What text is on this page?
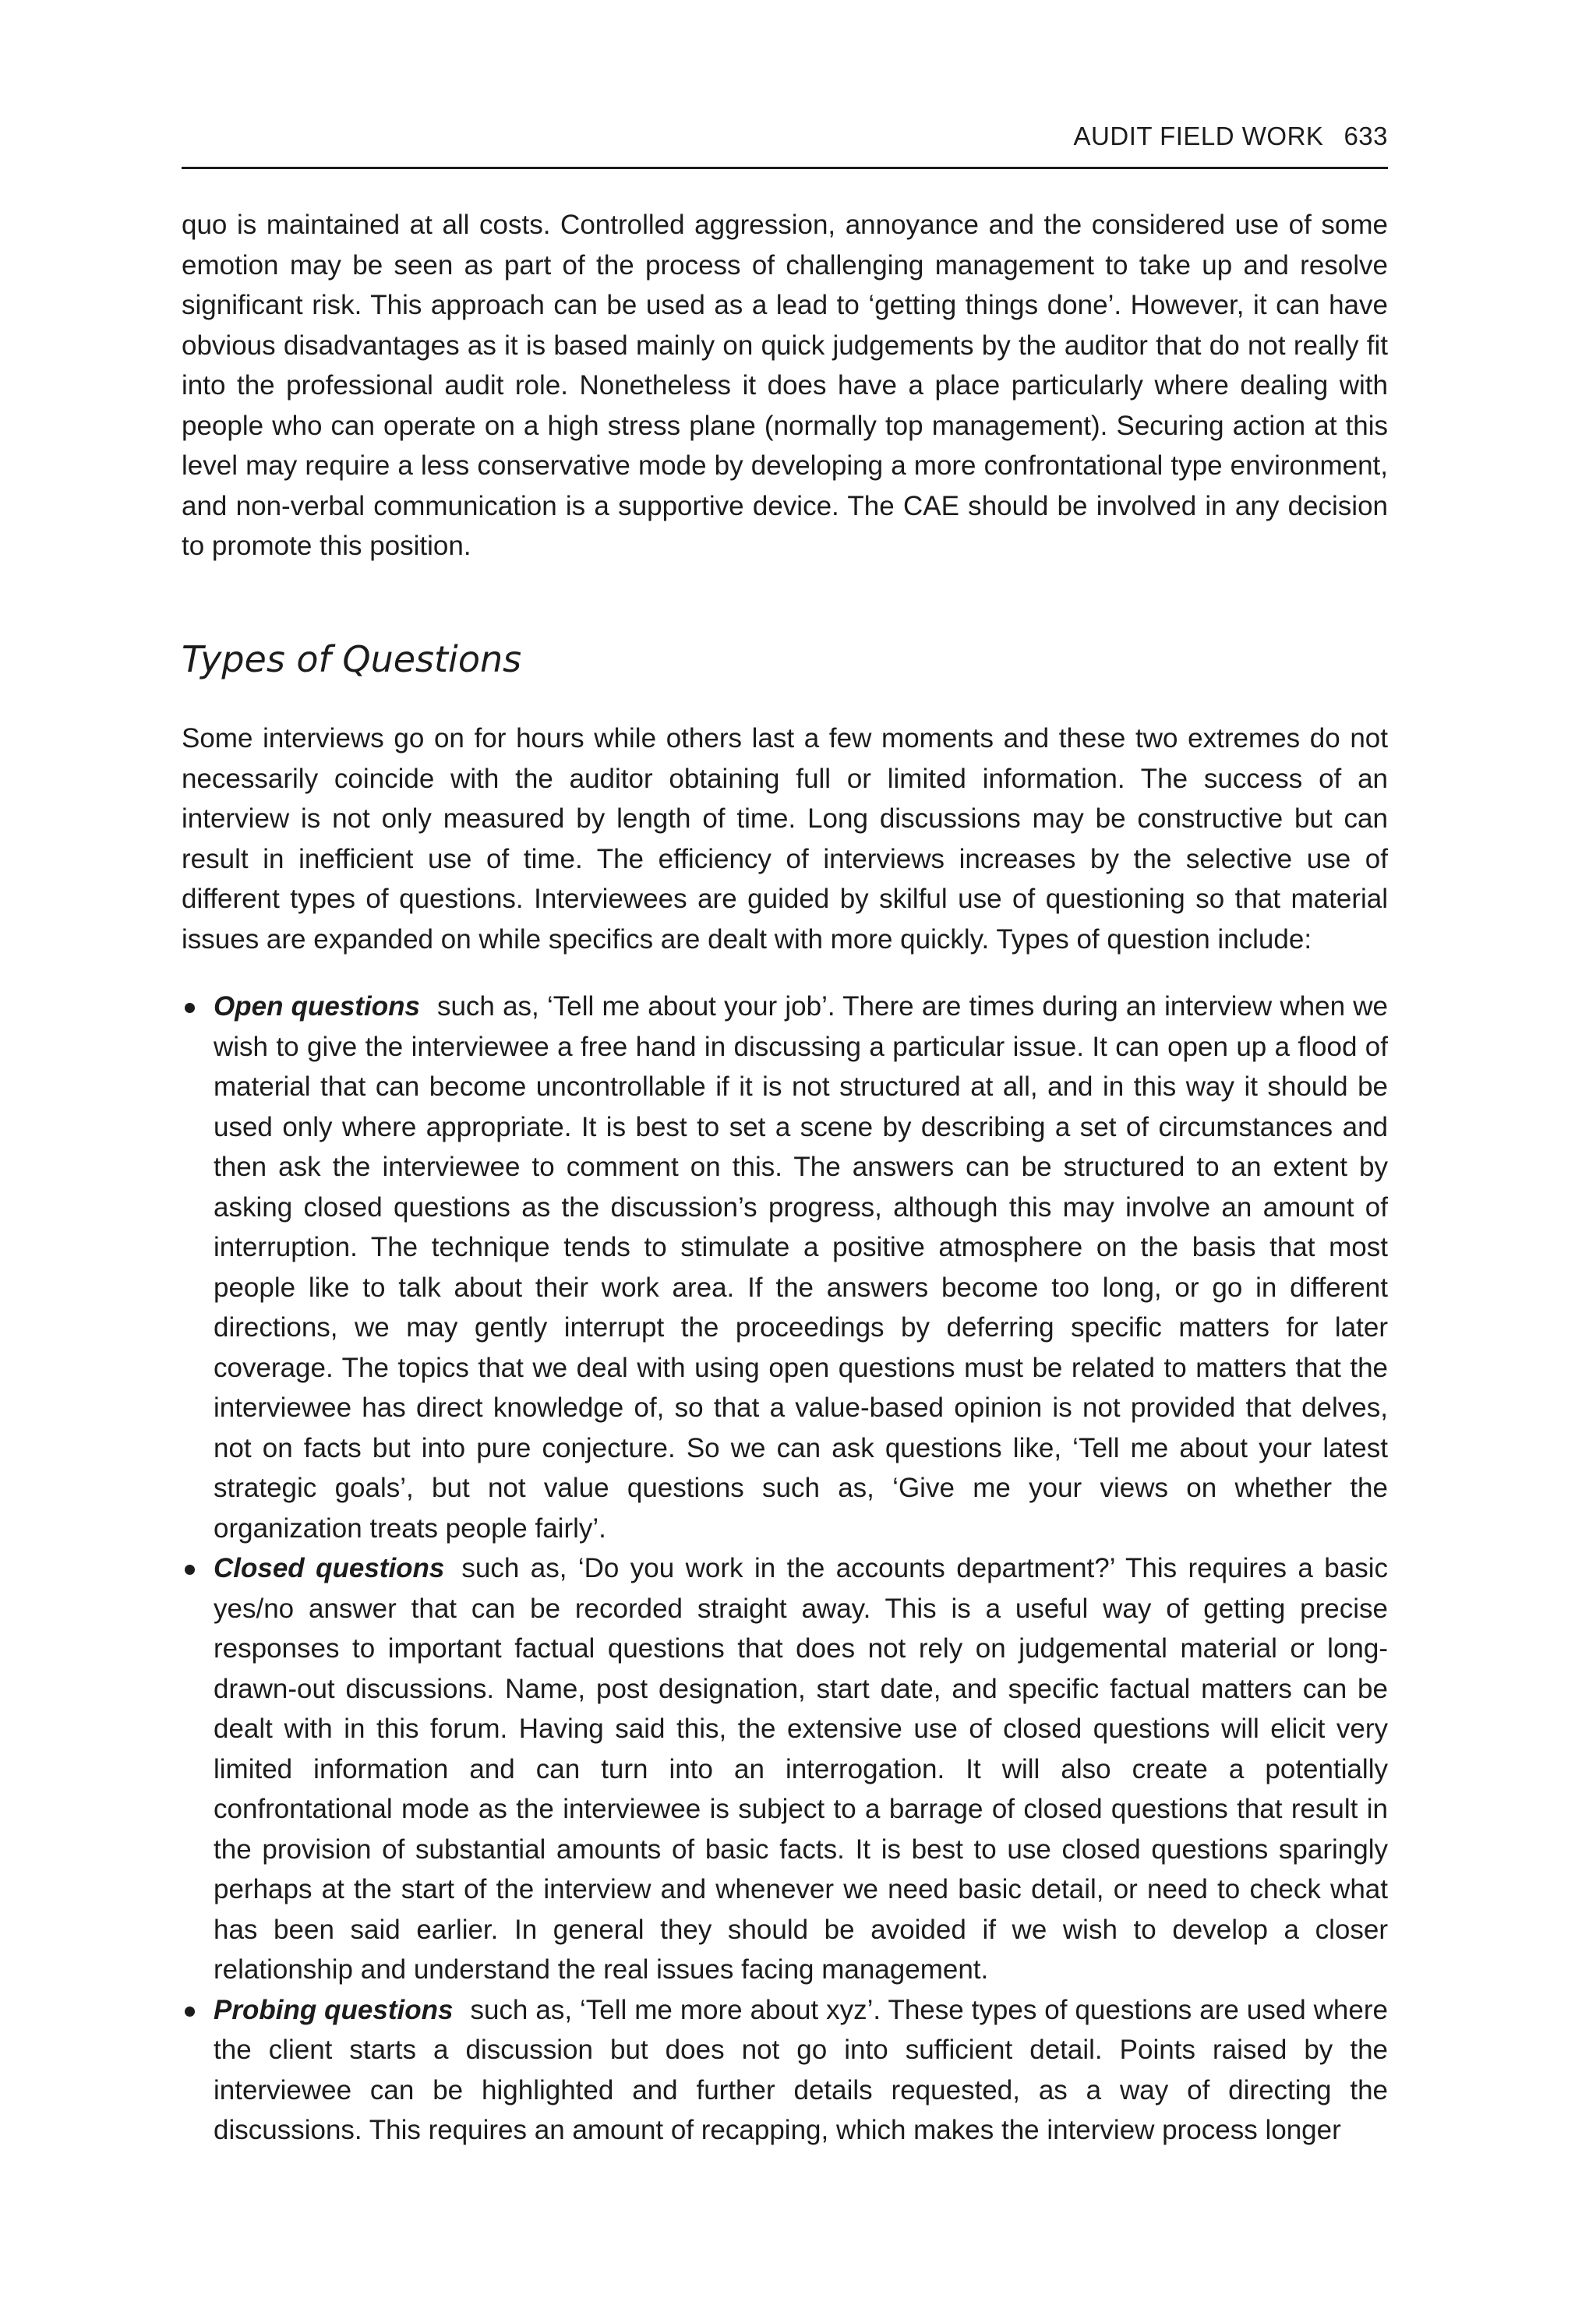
AUDIT FIELD WORK 633

quo is maintained at all costs. Controlled aggression, annoyance and the considered use of some emotion may be seen as part of the process of challenging management to take up and resolve significant risk. This approach can be used as a lead to ‘getting things done’. However, it can have obvious disadvantages as it is based mainly on quick judgements by the auditor that do not really fit into the professional audit role. Nonetheless it does have a place particularly where dealing with people who can operate on a high stress plane (normally top management). Securing action at this level may require a less conservative mode by developing a more confrontational type environment, and non-verbal communication is a supportive device. The CAE should be involved in any decision to promote this position.

Types of Questions

Some interviews go on for hours while others last a few moments and these two extremes do not necessarily coincide with the auditor obtaining full or limited information. The success of an interview is not only measured by length of time. Long discussions may be constructive but can result in inefficient use of time. The efficiency of interviews increases by the selective use of different types of questions. Interviewees are guided by skilful use of questioning so that material issues are expanded on while specifics are dealt with more quickly. Types of question include:

Open questions such as, ‘Tell me about your job’. There are times during an interview when we wish to give the interviewee a free hand in discussing a particular issue. It can open up a flood of material that can become uncontrollable if it is not structured at all, and in this way it should be used only where appropriate. It is best to set a scene by describing a set of circumstances and then ask the interviewee to comment on this. The answers can be structured to an extent by asking closed questions as the discussion’s progress, although this may involve an amount of interruption. The technique tends to stimulate a positive atmosphere on the basis that most people like to talk about their work area. If the answers become too long, or go in different directions, we may gently interrupt the proceedings by deferring specific matters for later coverage. The topics that we deal with using open questions must be related to matters that the interviewee has direct knowledge of, so that a value-based opinion is not provided that delves, not on facts but into pure conjecture. So we can ask questions like, ‘Tell me about your latest strategic goals’, but not value questions such as, ‘Give me your views on whether the organization treats people fairly’.
Closed questions such as, ‘Do you work in the accounts department?’ This requires a basic yes/no answer that can be recorded straight away. This is a useful way of getting precise responses to important factual questions that does not rely on judgemental material or long-drawn-out discussions. Name, post designation, start date, and specific factual matters can be dealt with in this forum. Having said this, the extensive use of closed questions will elicit very limited information and can turn into an interrogation. It will also create a potentially confrontational mode as the interviewee is subject to a barrage of closed questions that result in the provision of substantial amounts of basic facts. It is best to use closed questions sparingly perhaps at the start of the interview and whenever we need basic detail, or need to check what has been said earlier. In general they should be avoided if we wish to develop a closer relationship and understand the real issues facing management.
Probing questions such as, ‘Tell me more about xyz’. These types of questions are used where the client starts a discussion but does not go into sufficient detail. Points raised by the interviewee can be highlighted and further details requested, as a way of directing the discussions. This requires an amount of recapping, which makes the interview process longer
